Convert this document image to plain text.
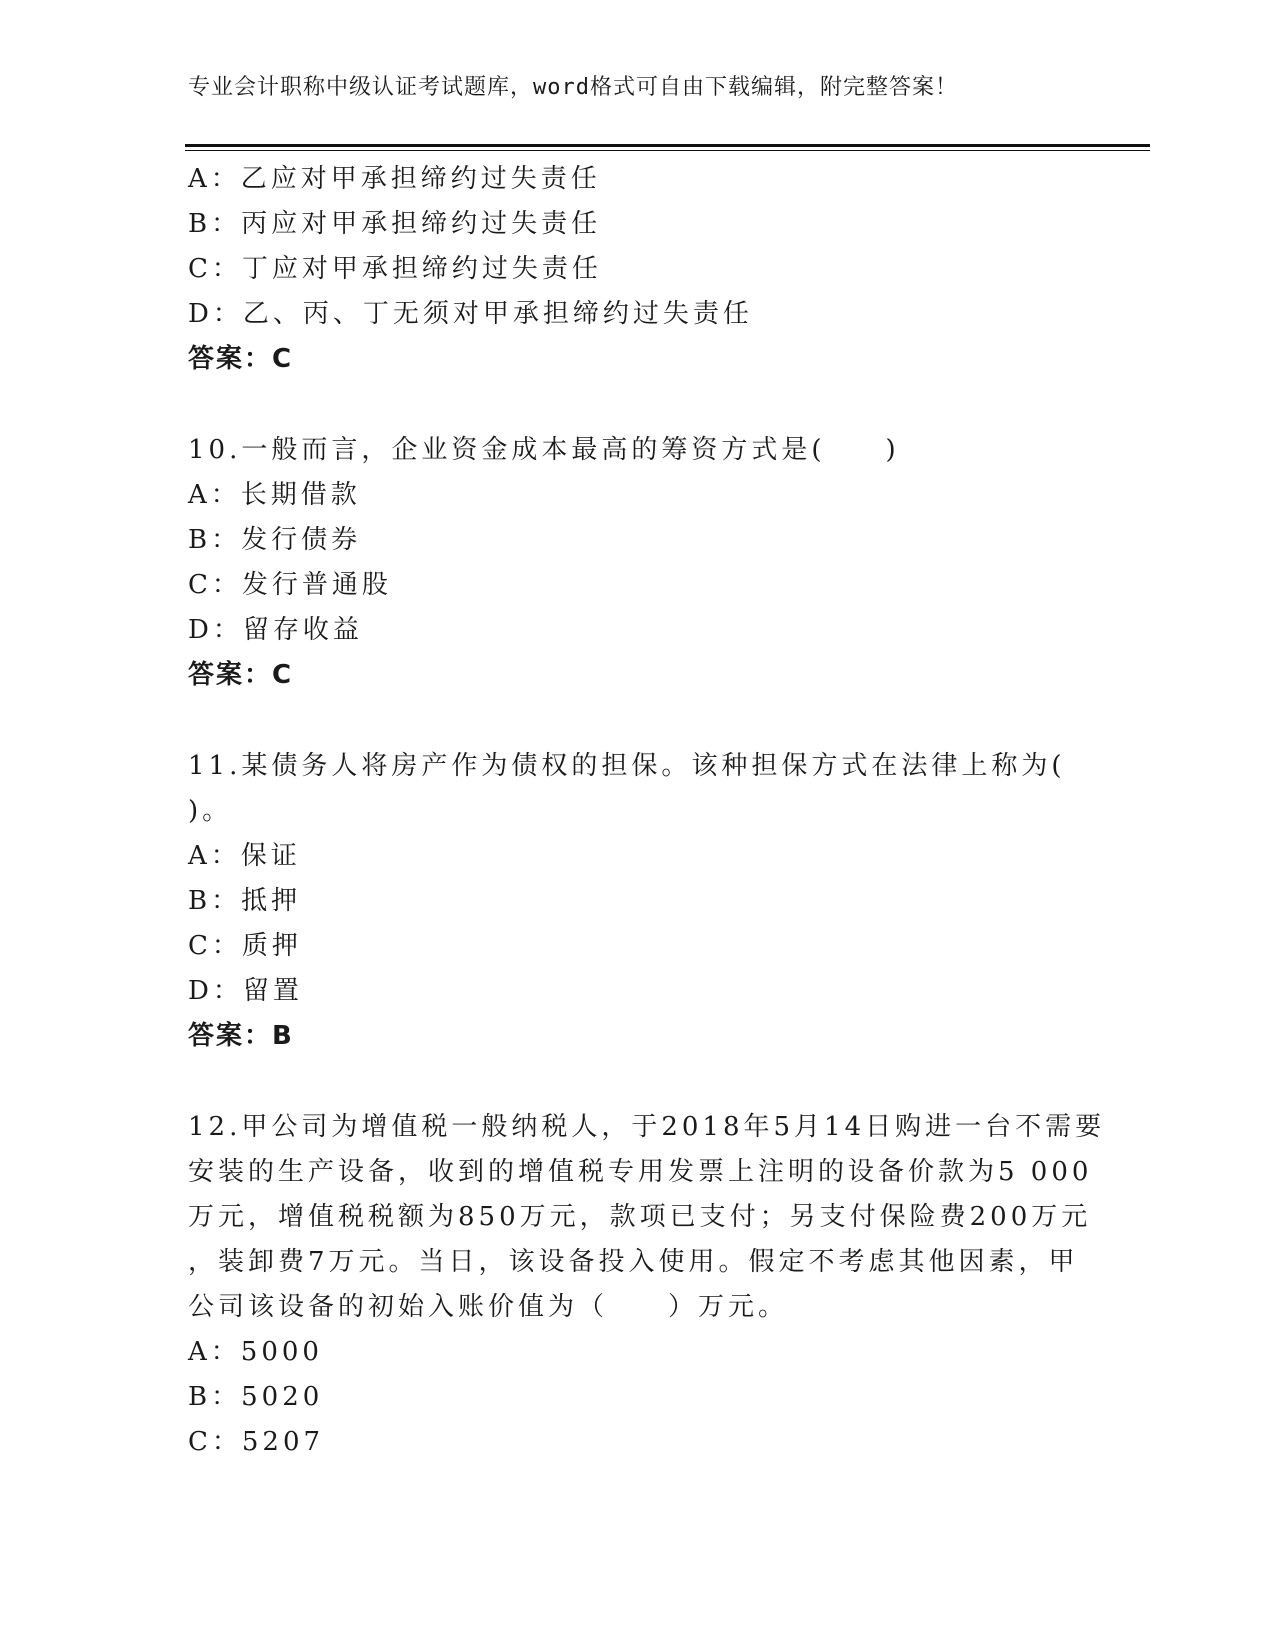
专业会计职称中级认证考试题库，word格式可自由下载编辑，附完整答案！
A：乙应对甲承担缔约过失责任
B：丙应对甲承担缔约过失责任
C：丁应对甲承担缔约过失责任
D：乙、丙、丁无须对甲承担缔约过失责任
答案：C
10.一般而言，企业资金成本最高的筹资方式是(　　)
A：长期借款
B：发行债券
C：发行普通股
D：留存收益
答案：C
11.某债务人将房产作为债权的担保。该种担保方式在法律上称为(
)。
A：保证
B：抵押
C：质押
D：留置
答案：B
12.甲公司为增值税一般纳税人，于2018年5月14日购进一台不需要
安装的生产设备，收到的增值税专用发票上注明的设备价款为5 000
万元，增值税税额为850万元，款项已支付；另支付保险费200万元
，装卸费7万元。当日，该设备投入使用。假定不考虑其他因素，甲
公司该设备的初始入账价值为（　　）万元。
A：5000
B：5020
C：5207
